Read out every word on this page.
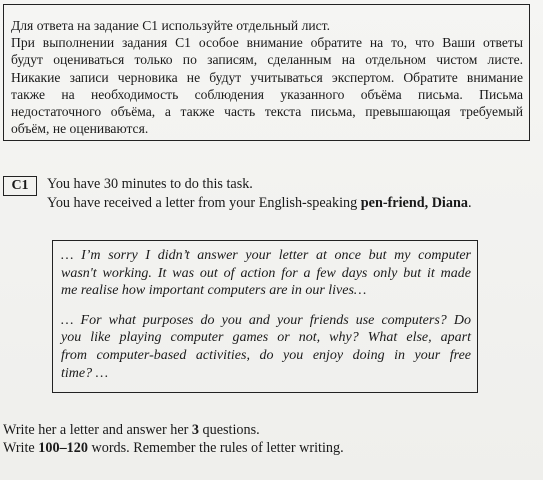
Для ответа на задание С1 используйте отдельный лист.
При выполнении задания С1 особое внимание обратите на то, что Ваши ответы
будут оцениваться только по записям, сделанным на отдельном чистом листе.
Никакие записи черновика не будут учитываться экспертом. Обратите внимание
также на необходимость соблюдения указанного объёма письма. Письма
недостаточного объёма, а также часть текста письма, превышающая требуемый
объём, не оцениваются.
C1	You have 30 minutes to do this task.
You have received a letter from your English-speaking pen-friend, Diana.
… I’m sorry I didn’t answer your letter at once but my computer
wasn't working. It was out of action for a few days only but it made
me realise how important computers are in our lives…
… For what purposes do you and your friends use computers? Do
you like playing computer games or not, why? What else, apart
from computer-based activities, do you enjoy doing in your free
time? …
Write her a letter and answer her 3 questions.
Write 100–120 words. Remember the rules of letter writing.
